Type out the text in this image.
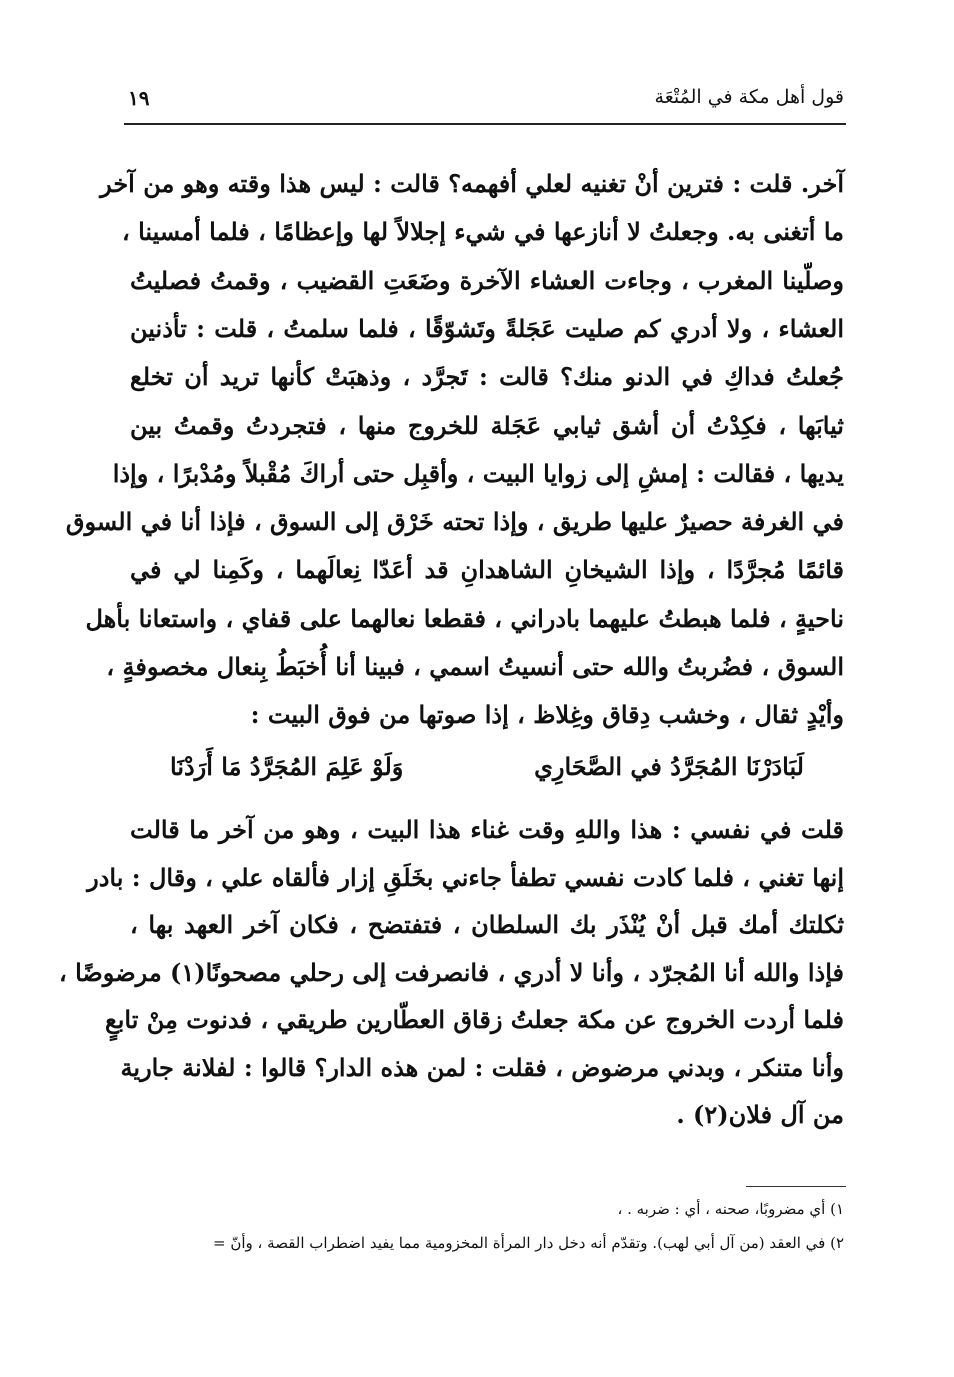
قول أهل مكة في المُتْعَة
١٩
آخر. قلت : فترين أنْ تغنيه لعلي أفهمه؟ قالت : ليس هذا وقته وهو من آخر
ما أتغنى به. وجعلتُ لا أنازعها في شيء إجلالاً لها وإعظامًا ، فلما أمسينا ،
وصلّينا المغرب ، وجاءت العشاء الآخرة وضَعَتِ القضيب ، وقمتُ فصليتُ
العشاء ، ولا أدري كم صليت عَجَلةً وتَشوّقًا ، فلما سلمتُ ، قلت : تأذنين
جُعلتُ فداكِ في الدنو منك؟ قالت : تَجرَّد ، وذهبَتْ كأنها تريد أن تخلع
ثيابَها ، فكِدْتُ أن أشق ثيابي عَجَلة للخروج منها ، فتجردتُ وقمتُ بين
يديها ، فقالت : إمشِ إلى زوايا البيت ، وأقبِل حتى أراكَ مُقْبلاً ومُدْبرًا ، وإذا
في الغرفة حصيرٌ عليها طريق ، وإذا تحته خَرْق إلى السوق ، فإذا أنا في السوق
قائمًا مُجرَّدًا ، وإذا الشيخانِ الشاهدانِ قد أعَدّا نِعالَهما ، وكَمِنا لي في
ناحيةٍ ، فلما هبطتُ عليهما بادراني ، فقطعا نعالهما على قفاي ، واستعانا بأهل
السوق ، فضُربتُ والله حتى أنسيتُ اسمي ، فبينا أنا أُخبَطُ بِنعال مخصوفةٍ ،
وأيْدٍ ثقال ، وخشب دِقاق وغِلاظ ، إذا صوتها من فوق البيت :
لَبَادَرْنَا المُجَرَّدُ في الصَّحَارِي
وَلَوْ عَلِمَ المُجَرَّدُ مَا أَرَدْنَا
قلت في نفسي : هذا واللهِ وقت غناء هذا البيت ، وهو من آخر ما قالت
إنها تغني ، فلما كادت نفسي تطفأ جاءني بخَلَقِ إزار فألقاه علي ، وقال : بادر
ثكلتك أمك قبل أنْ يُنْذَر بك السلطان ، فتفتضح ، فكان آخر العهد بها ،
فإذا والله أنا المُجرّد ، وأنا لا أدري ، فانصرفت إلى رحلي مصحونًا(١) مرضوضًا ،
فلما أردت الخروج عن مكة جعلتُ زقاق العطّارين طريقي ، فدنوت مِنْ تابعٍ
وأنا متنكر ، وبدني مرضوض ، فقلت : لمن هذه الدار؟ قالوا : لفلانة جارية
من آل فلان(٢) .
١) أي مضروبًا، صحنه ، أي : ضربه . ،
٢) في العقد (من آل أبي لهب). وتقدّم أنه دخل دار المرأة المخزومية مما يفيد اضطراب القصة ، وأنّ =
